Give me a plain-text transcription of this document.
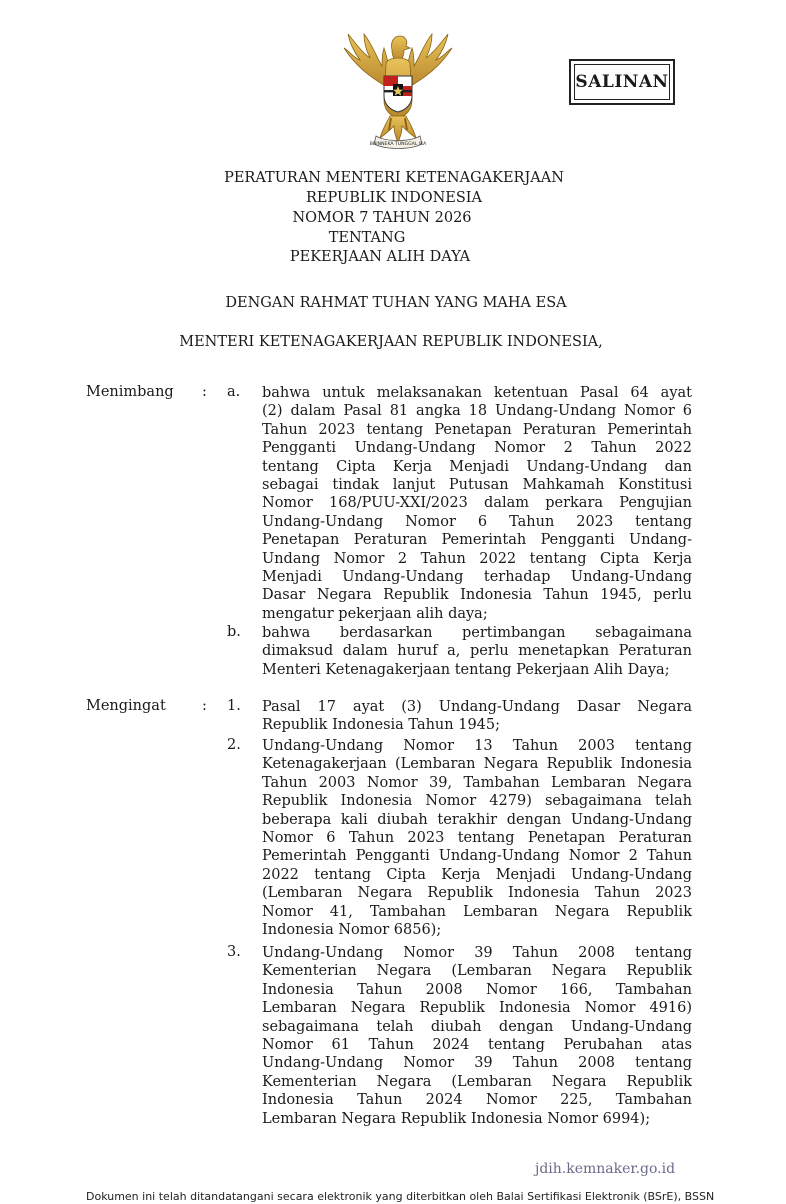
BHINNEKA TUNGGAL IKA
SALINAN
PERATURAN MENTERI KETENAGAKERJAAN
REPUBLIK INDONESIA
NOMOR 7 TAHUN 2026
TENTANG
PEKERJAAN ALIH DAYA
DENGAN RAHMAT TUHAN YANG MAHA ESA
MENTERI KETENAGAKERJAAN REPUBLIK INDONESIA,
Menimbang : a. bahwa untuk melaksanakan ketentuan Pasal 64 ayat
(2) dalam Pasal 81 angka 18 Undang-Undang Nomor 6
Tahun 2023 tentang Penetapan Peraturan Pemerintah
Pengganti Undang-Undang Nomor 2 Tahun 2022
tentang Cipta Kerja Menjadi Undang-Undang dan
sebagai tindak lanjut Putusan Mahkamah Konstitusi
Nomor 168/PUU-XXI/2023 dalam perkara Pengujian
Undang-Undang Nomor 6 Tahun 2023 tentang
Penetapan Peraturan Pemerintah Pengganti Undang-
Undang Nomor 2 Tahun 2022 tentang Cipta Kerja
Menjadi Undang-Undang terhadap Undang-Undang
Dasar Negara Republik Indonesia Tahun 1945, perlu
mengatur pekerjaan alih daya;
b. bahwa berdasarkan pertimbangan sebagaimana
dimaksud dalam huruf a, perlu menetapkan Peraturan
Menteri Ketenagakerjaan tentang Pekerjaan Alih Daya;
Mengingat : 1. Pasal 17 ayat (3) Undang-Undang Dasar Negara
Republik Indonesia Tahun 1945;
2. Undang-Undang Nomor 13 Tahun 2003 tentang
Ketenagakerjaan (Lembaran Negara Republik Indonesia
Tahun 2003 Nomor 39, Tambahan Lembaran Negara
Republik Indonesia Nomor 4279) sebagaimana telah
beberapa kali diubah terakhir dengan Undang-Undang
Nomor 6 Tahun 2023 tentang Penetapan Peraturan
Pemerintah Pengganti Undang-Undang Nomor 2 Tahun
2022 tentang Cipta Kerja Menjadi Undang-Undang
(Lembaran Negara Republik Indonesia Tahun 2023
Nomor 41, Tambahan Lembaran Negara Republik
Indonesia Nomor 6856);
3. Undang-Undang Nomor 39 Tahun 2008 tentang
Kementerian Negara (Lembaran Negara Republik
Indonesia Tahun 2008 Nomor 166, Tambahan
Lembaran Negara Republik Indonesia Nomor 4916)
sebagaimana telah diubah dengan Undang-Undang
Nomor 61 Tahun 2024 tentang Perubahan atas
Undang-Undang Nomor 39 Tahun 2008 tentang
Kementerian Negara (Lembaran Negara Republik
Indonesia Tahun 2024 Nomor 225, Tambahan
Lembaran Negara Republik Indonesia Nomor 6994);
jdih.kemnaker.go.id
Dokumen ini telah ditandatangani secara elektronik yang diterbitkan oleh Balai Sertifikasi Elektronik (BSrE), BSSN
